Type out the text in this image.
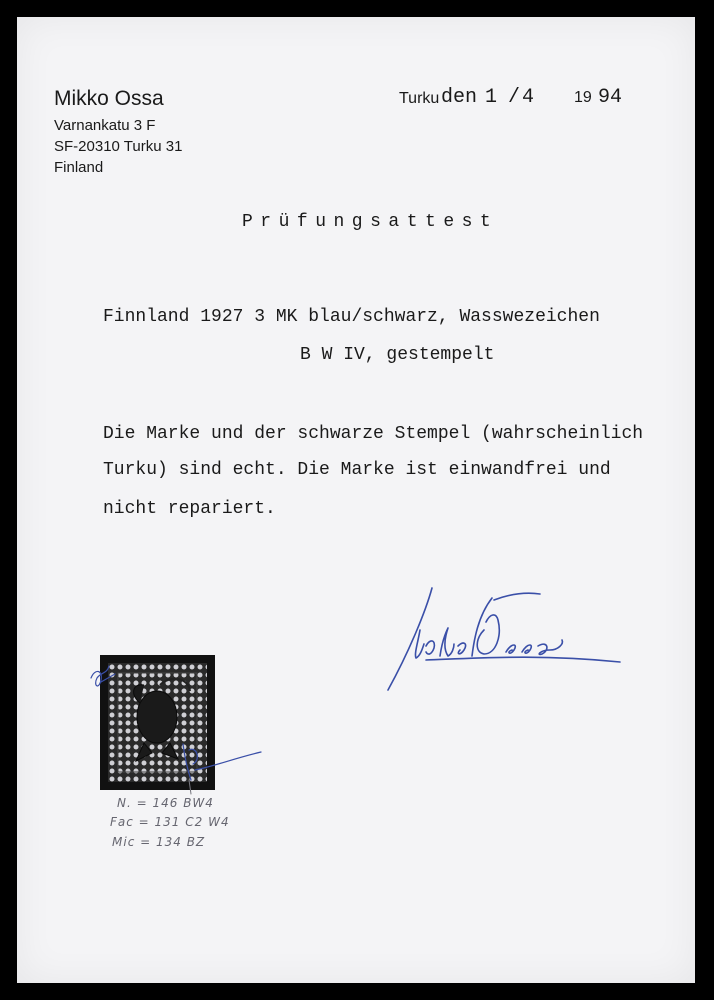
Mikko Ossa
Varnankatu 3 F
SF-20310 Turku 31
Finland
Turku den 1 / 4 19 94
Prüfungsattest
Finnland 1927 3 MK blau/schwarz, Wasswezeichen
B W IV, gestempelt
Die Marke und der schwarze Stempel (wahrscheinlich
Turku) sind echt. Die Marke ist einwandfrei und
nicht repariert.
N. = 146 BW4
Fac = 131 C2 W4
Mic = 134 BZ
